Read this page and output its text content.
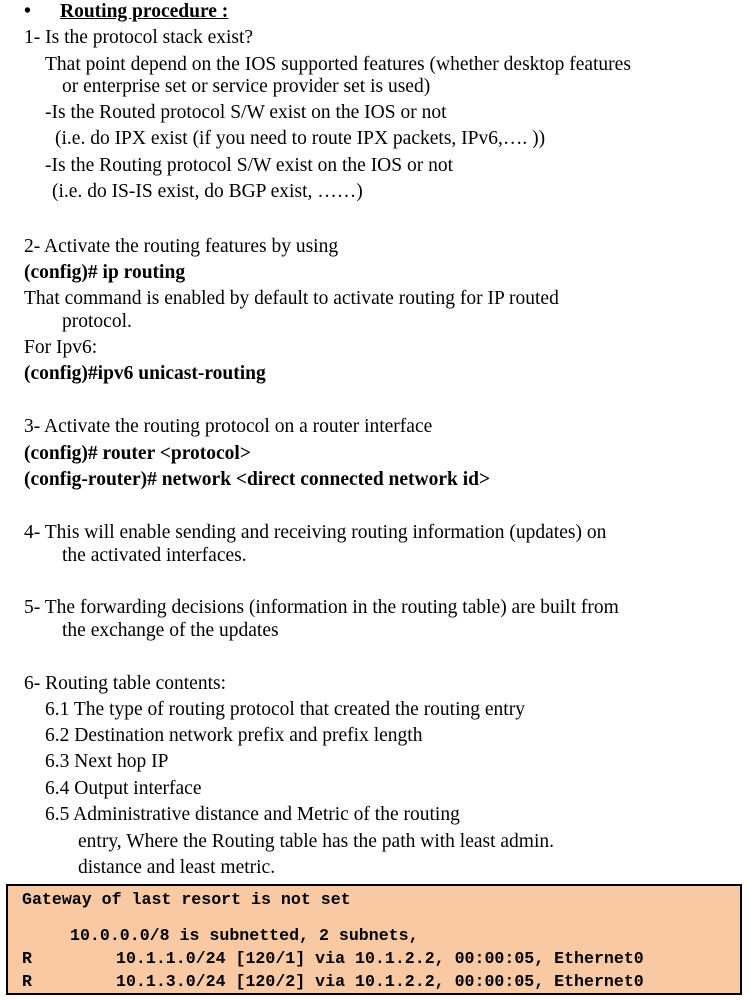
• Routing procedure :
1- Is the protocol stack exist?
That point depend on the IOS supported features (whether desktop features
or enterprise set or service provider set is used)
-Is the Routed protocol S/W exist on the IOS or not
(i.e. do IPX exist (if you need to route IPX packets, IPv6,…. ))
-Is the Routing protocol S/W exist on the IOS or not
(i.e. do IS-IS exist, do BGP exist, ……)
2- Activate the routing features by using
(config)# ip routing
That command is enabled by default to activate routing for IP routed
protocol.
For Ipv6:
(config)#ipv6 unicast-routing
3- Activate the routing protocol on a router interface
(config)# router <protocol>
(config-router)# network <direct connected network id>
4- This will enable sending and receiving routing information (updates) on
the activated interfaces.
5- The forwarding decisions (information in the routing table) are built from
the exchange of the updates
6- Routing table contents:
6.1 The type of routing protocol that created the routing entry
6.2 Destination network prefix and prefix length
6.3 Next hop IP
6.4 Output interface
6.5 Administrative distance and Metric of the routing
entry, Where the Routing table has the path with least admin.
distance and least metric.
Gateway of last resort is not set
10.0.0.0/8 is subnetted, 2 subnets,
R	10.1.1.0/24 [120/1] via 10.1.2.2, 00:00:05, Ethernet0
R	10.1.3.0/24 [120/2] via 10.1.2.2, 00:00:05, Ethernet0
